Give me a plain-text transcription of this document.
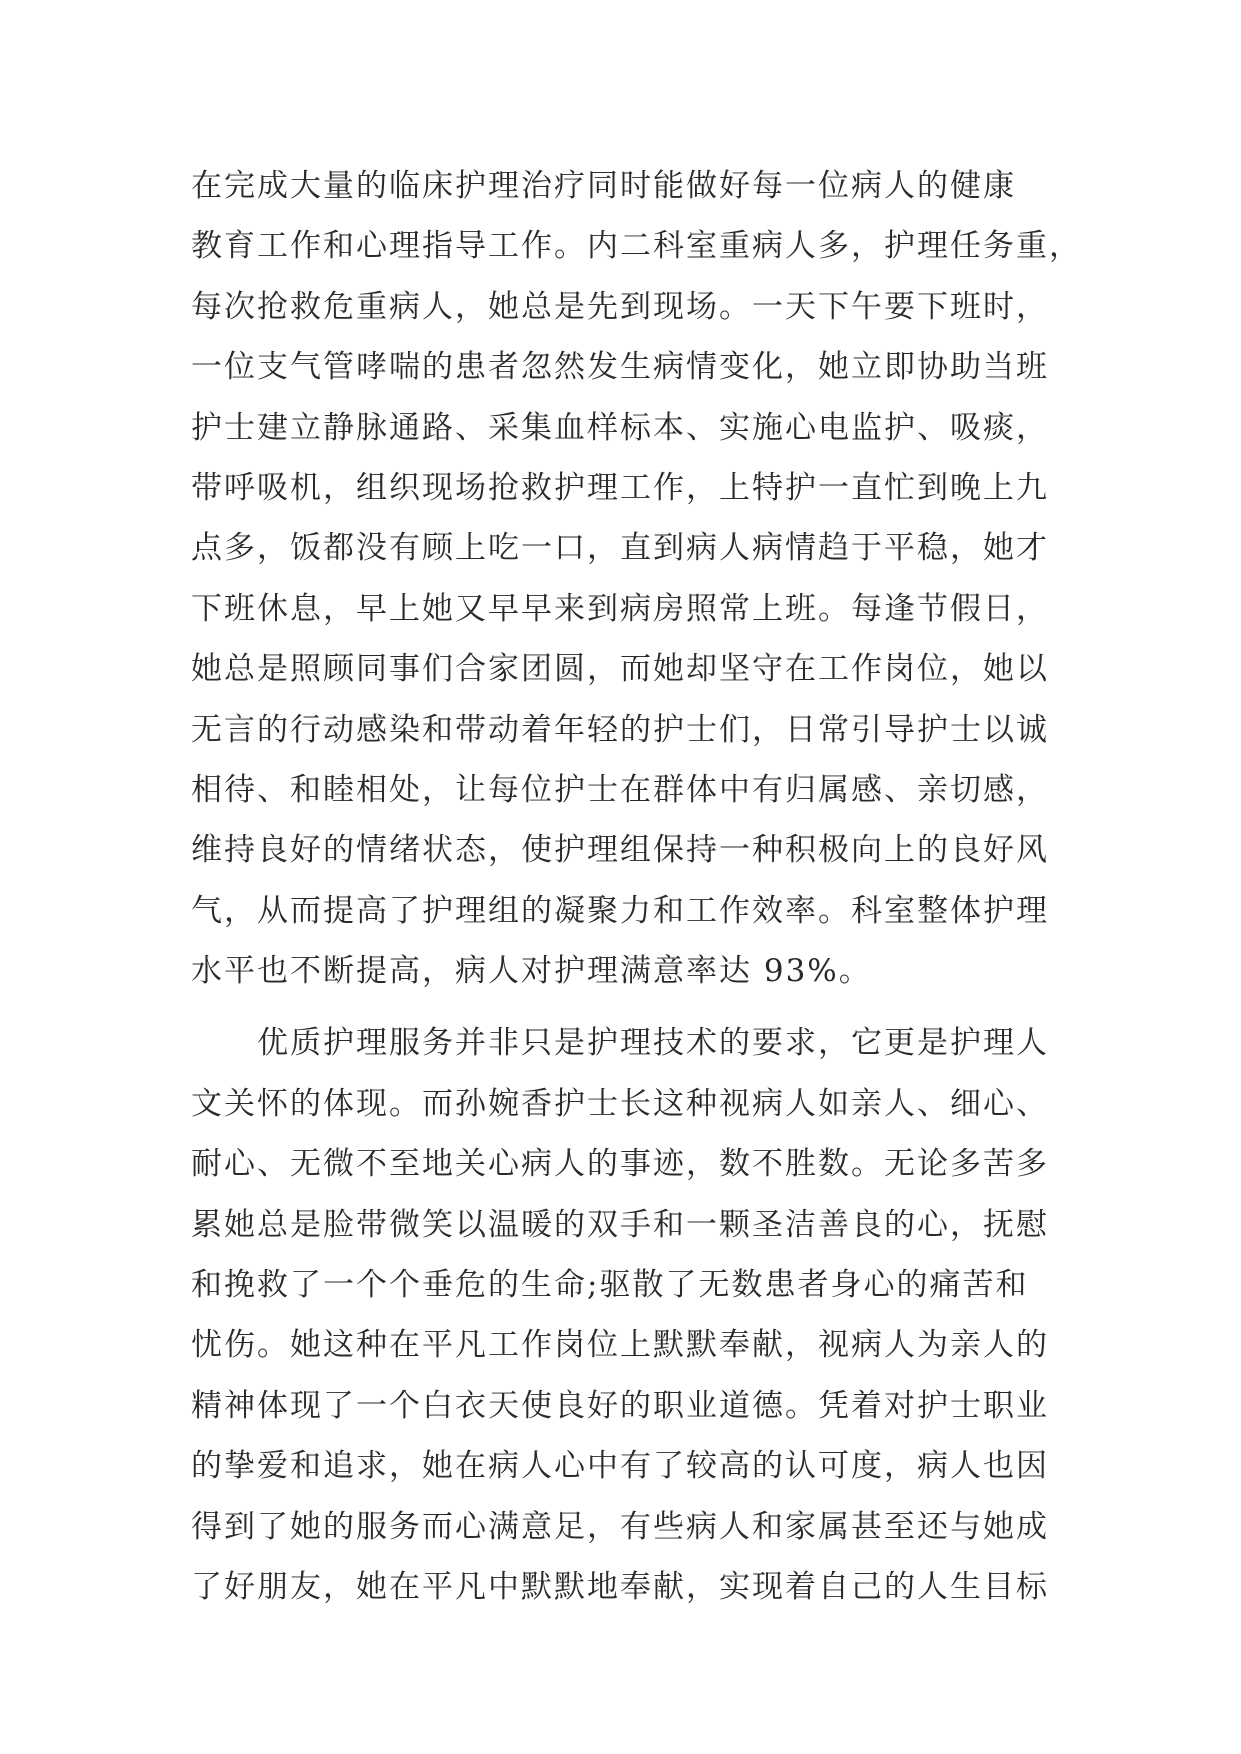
在完成大量的临床护理治疗同时能做好每一位病人的健康
教育工作和心理指导工作。内二科室重病人多，护理任务重，
每次抢救危重病人，她总是先到现场。一天下午要下班时，
一位支气管哮喘的患者忽然发生病情变化，她立即协助当班
护士建立静脉通路、采集血样标本、实施心电监护、吸痰，
带呼吸机，组织现场抢救护理工作，上特护一直忙到晚上九
点多，饭都没有顾上吃一口，直到病人病情趋于平稳，她才
下班休息，早上她又早早来到病房照常上班。每逢节假日，
她总是照顾同事们合家团圆，而她却坚守在工作岗位，她以
无言的行动感染和带动着年轻的护士们，日常引导护士以诚
相待、和睦相处，让每位护士在群体中有归属感、亲切感，
维持良好的情绪状态，使护理组保持一种积极向上的良好风
气，从而提高了护理组的凝聚力和工作效率。科室整体护理
水平也不断提高，病人对护理满意率达 93%。
优质护理服务并非只是护理技术的要求，它更是护理人
文关怀的体现。而孙婉香护士长这种视病人如亲人、细心、
耐心、无微不至地关心病人的事迹，数不胜数。无论多苦多
累她总是脸带微笑以温暖的双手和一颗圣洁善良的心，抚慰
和挽救了一个个垂危的生命;驱散了无数患者身心的痛苦和
忧伤。她这种在平凡工作岗位上默默奉献，视病人为亲人的
精神体现了一个白衣天使良好的职业道德。凭着对护士职业
的挚爱和追求，她在病人心中有了较高的认可度，病人也因
得到了她的服务而心满意足，有些病人和家属甚至还与她成
了好朋友，她在平凡中默默地奉献，实现着自己的人生目标
